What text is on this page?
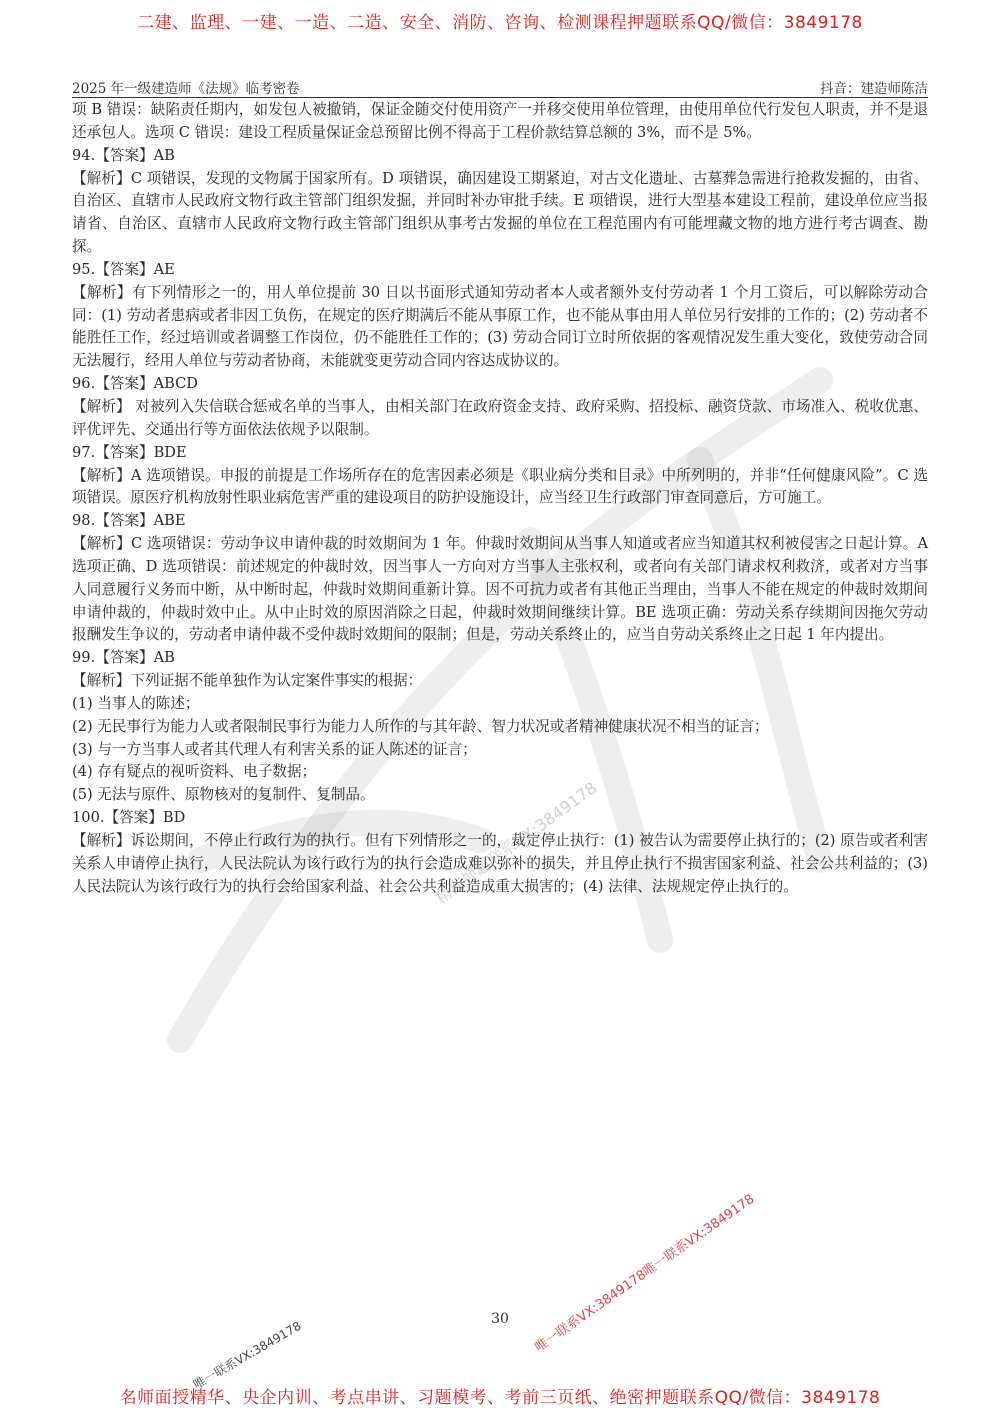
二建、监理、一建、一造、二造、安全、消防、咨询、检测课程押题联系QQ/微信：3849178
2025 年一级建造师《法规》临考密卷	抖音：建造师陈洁

项 B 错误：缺陷责任期内，如发包人被撤销，保证金随交付使用资产一并移交使用单位管理，由使用单位代行发包人职责，并不是退还承包人。选项 C 错误：建设工程质量保证金总预留比例不得高于工程价款结算总额的 3%，而不是 5%。

94.【答案】AB

【解析】C 项错误，发现的文物属于国家所有。D 项错误，确因建设工期紧迫，对古文化遗址、古墓葬急需进行抢救发掘的，由省、自治区、直辖市人民政府文物行政主管部门组织发掘，并同时补办审批手续。E 项错误，进行大型基本建设工程前，建设单位应当报请省、自治区、直辖市人民政府文物行政主管部门组织从事考古发掘的单位在工程范围内有可能埋藏文物的地方进行考古调查、勘探。

95.【答案】AE

【解析】有下列情形之一的，用人单位提前 30 日以书面形式通知劳动者本人或者额外支付劳动者 1 个月工资后，可以解除劳动合同：(1) 劳动者患病或者非因工负伤，在规定的医疗期满后不能从事原工作，也不能从事由用人单位另行安排的工作的；(2) 劳动者不能胜任工作，经过培训或者调整工作岗位，仍不能胜任工作的；(3) 劳动合同订立时所依据的客观情况发生重大变化，致使劳动合同无法履行，经用人单位与劳动者协商，未能就变更劳动合同内容达成协议的。

96.【答案】ABCD

【解析】 对被列入失信联合惩戒名单的当事人，由相关部门在政府资金支持、政府采购、招投标、融资贷款、市场准入、税收优惠、评优评先、交通出行等方面依法依规予以限制。

97.【答案】BDE

【解析】A 选项错误。申报的前提是工作场所存在的危害因素必须是《职业病分类和目录》中所列明的，并非“任何健康风险”。C 选项错误。原医疗机构放射性职业病危害严重的建设项目的防护设施设计，应当经卫生行政部门审查同意后，方可施工。

98.【答案】ABE

【解析】C 选项错误：劳动争议申请仲裁的时效期间为 1 年。仲裁时效期间从当事人知道或者应当知道其权利被侵害之日起计算。A 选项正确、D 选项错误：前述规定的仲裁时效，因当事人一方向对方当事人主张权利，或者向有关部门请求权利救济，或者对方当事人同意履行义务而中断，从中断时起，仲裁时效期间重新计算。因不可抗力或者有其他正当理由，当事人不能在规定的仲裁时效期间申请仲裁的，仲裁时效中止。从中止时效的原因消除之日起，仲裁时效期间继续计算。BE 选项正确：劳动关系存续期间因拖欠劳动报酬发生争议的，劳动者申请仲裁不受仲裁时效期间的限制；但是，劳动关系终止的，应当自劳动关系终止之日起 1 年内提出。

99.【答案】AB

【解析】下列证据不能单独作为认定案件事实的根据：

(1) 当事人的陈述；

(2) 无民事行为能力人或者限制民事行为能力人所作的与其年龄、智力状况或者精神健康状况不相当的证言；

(3) 与一方当事人或者其代理人有利害关系的证人陈述的证言；

(4) 存有疑点的视听资料、电子数据；

(5) 无法与原件、原物核对的复制件、复制品。

100.【答案】BD

【解析】诉讼期间，不停止行政行为的执行。但有下列情形之一的，裁定停止执行：(1) 被告认为需要停止执行的；(2) 原告或者利害关系人申请停止执行，人民法院认为该行政行为的执行会造成难以弥补的损失，并且停止执行不损害国家利益、社会公共利益的；(3) 人民法院认为该行政行为的执行会给国家利益、社会公共利益造成重大损害的；(4) 法律、法规规定停止执行的。

精准押题联系VX:3849178
30	唯一联系VX:3849178唯一联系VX:3849178
唯一联系VX:3849178
名师面授精华、央企内训、考点串讲、习题模考、考前三页纸、绝密押题联系QQ/微信：3849178
